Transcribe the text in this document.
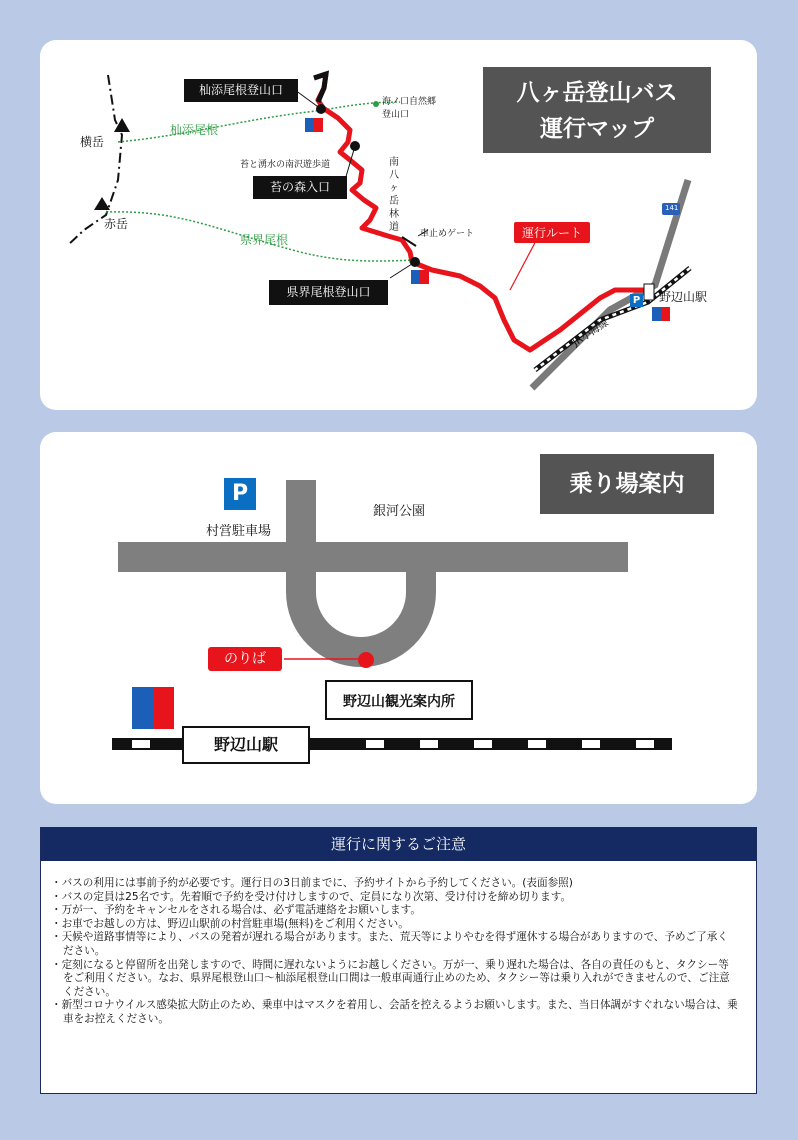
八ヶ岳登山バス
運行マップ
杣添尾根登山口
苔の森入口
県界尾根登山口
横岳
赤岳
杣添尾根
県界尾根
海ノ口自然郷
登山口
苔と湧水の南沢遊歩道	南八ヶ岳林道
車止めゲート	運行ルート
141
JR小海線
野辺山駅
P
乗り場案内
P
村営駐車場
銀河公園
のりば
野辺山観光案内所
野辺山駅
運行に関するご注意
・バスの利用には事前予約が必要です。運行日の3日前までに、予約サイトから予約してください。(表面参照)
・バスの定員は25名です。先着順で予約を受け付けしますので、定員になり次第、受け付けを締め切ります。
・万が一、予約をキャンセルをされる場合は、必ず電話連絡をお願いします。
・お車でお越しの方は、野辺山駅前の村営駐車場(無料)をご利用ください。
・天候や道路事情等により、バスの発着が遅れる場合があります。また、荒天等によりやむを得ず運休する場合がありますので、予めご了承ください。
・定刻になると停留所を出発しますので、時間に遅れないようにお越しください。万が一、乗り遅れた場合は、各自の責任のもと、タクシー等をご利用ください。なお、県界尾根登山口～杣添尾根登山口間は一般車両通行止めのため、タクシー等は乗り入れができませんので、ご注意ください。
・新型コロナウイルス感染拡大防止のため、乗車中はマスクを着用し、会話を控えるようお願いします。また、当日体調がすぐれない場合は、乗車をお控えください。
